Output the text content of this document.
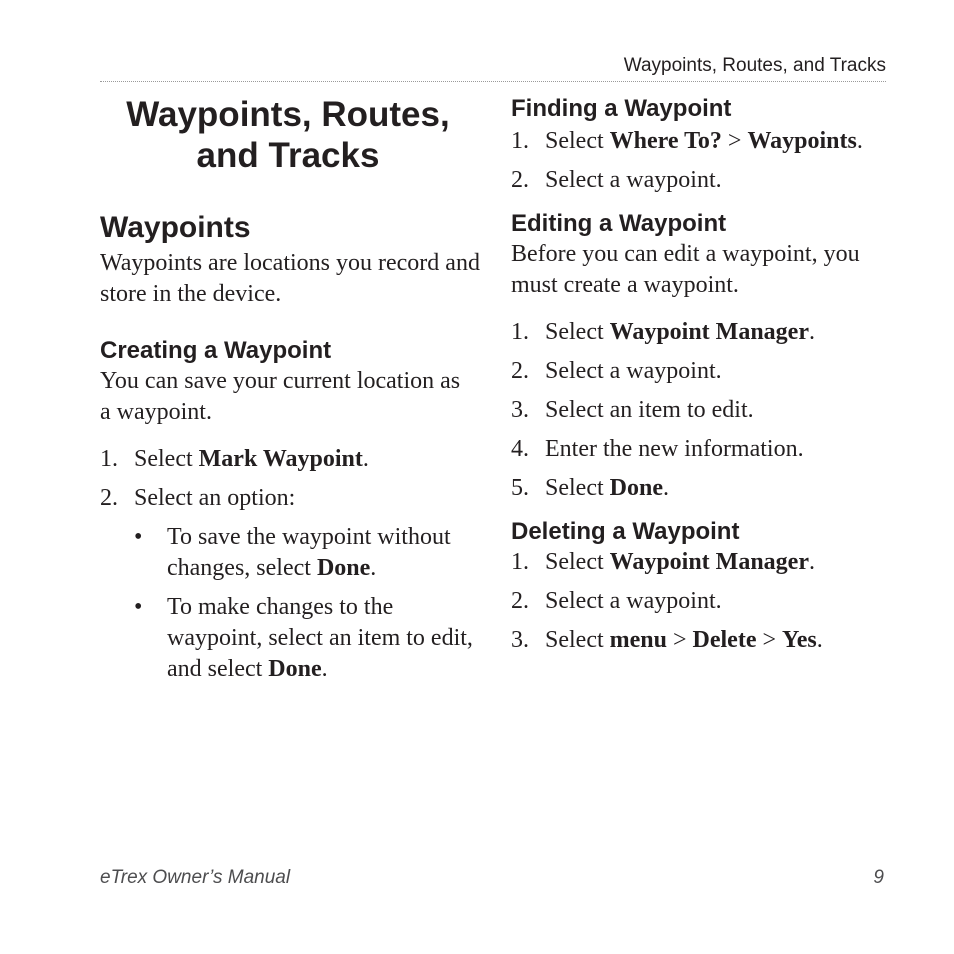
Waypoints, Routes, and Tracks
Waypoints, Routes,
and Tracks
Waypoints

Waypoints are locations you record and store in the device.

Creating a Waypoint

You can save your current location as a waypoint.

1. Select Mark Waypoint.
2. Select an option:
• To save the waypoint without changes, select Done.
• To make changes to the waypoint, select an item to edit, and select Done.
Finding a Waypoint
1. Select Where To? > Waypoints.
2. Select a waypoint.
Editing a Waypoint

Before you can edit a waypoint, you must create a waypoint.

1. Select Waypoint Manager.
2. Select a waypoint.
3. Select an item to edit.
4. Enter the new information.
5. Select Done.
Deleting a Waypoint
1. Select Waypoint Manager.
2. Select a waypoint.
3. Select menu > Delete > Yes.
eTrex Owner’s Manual	9
